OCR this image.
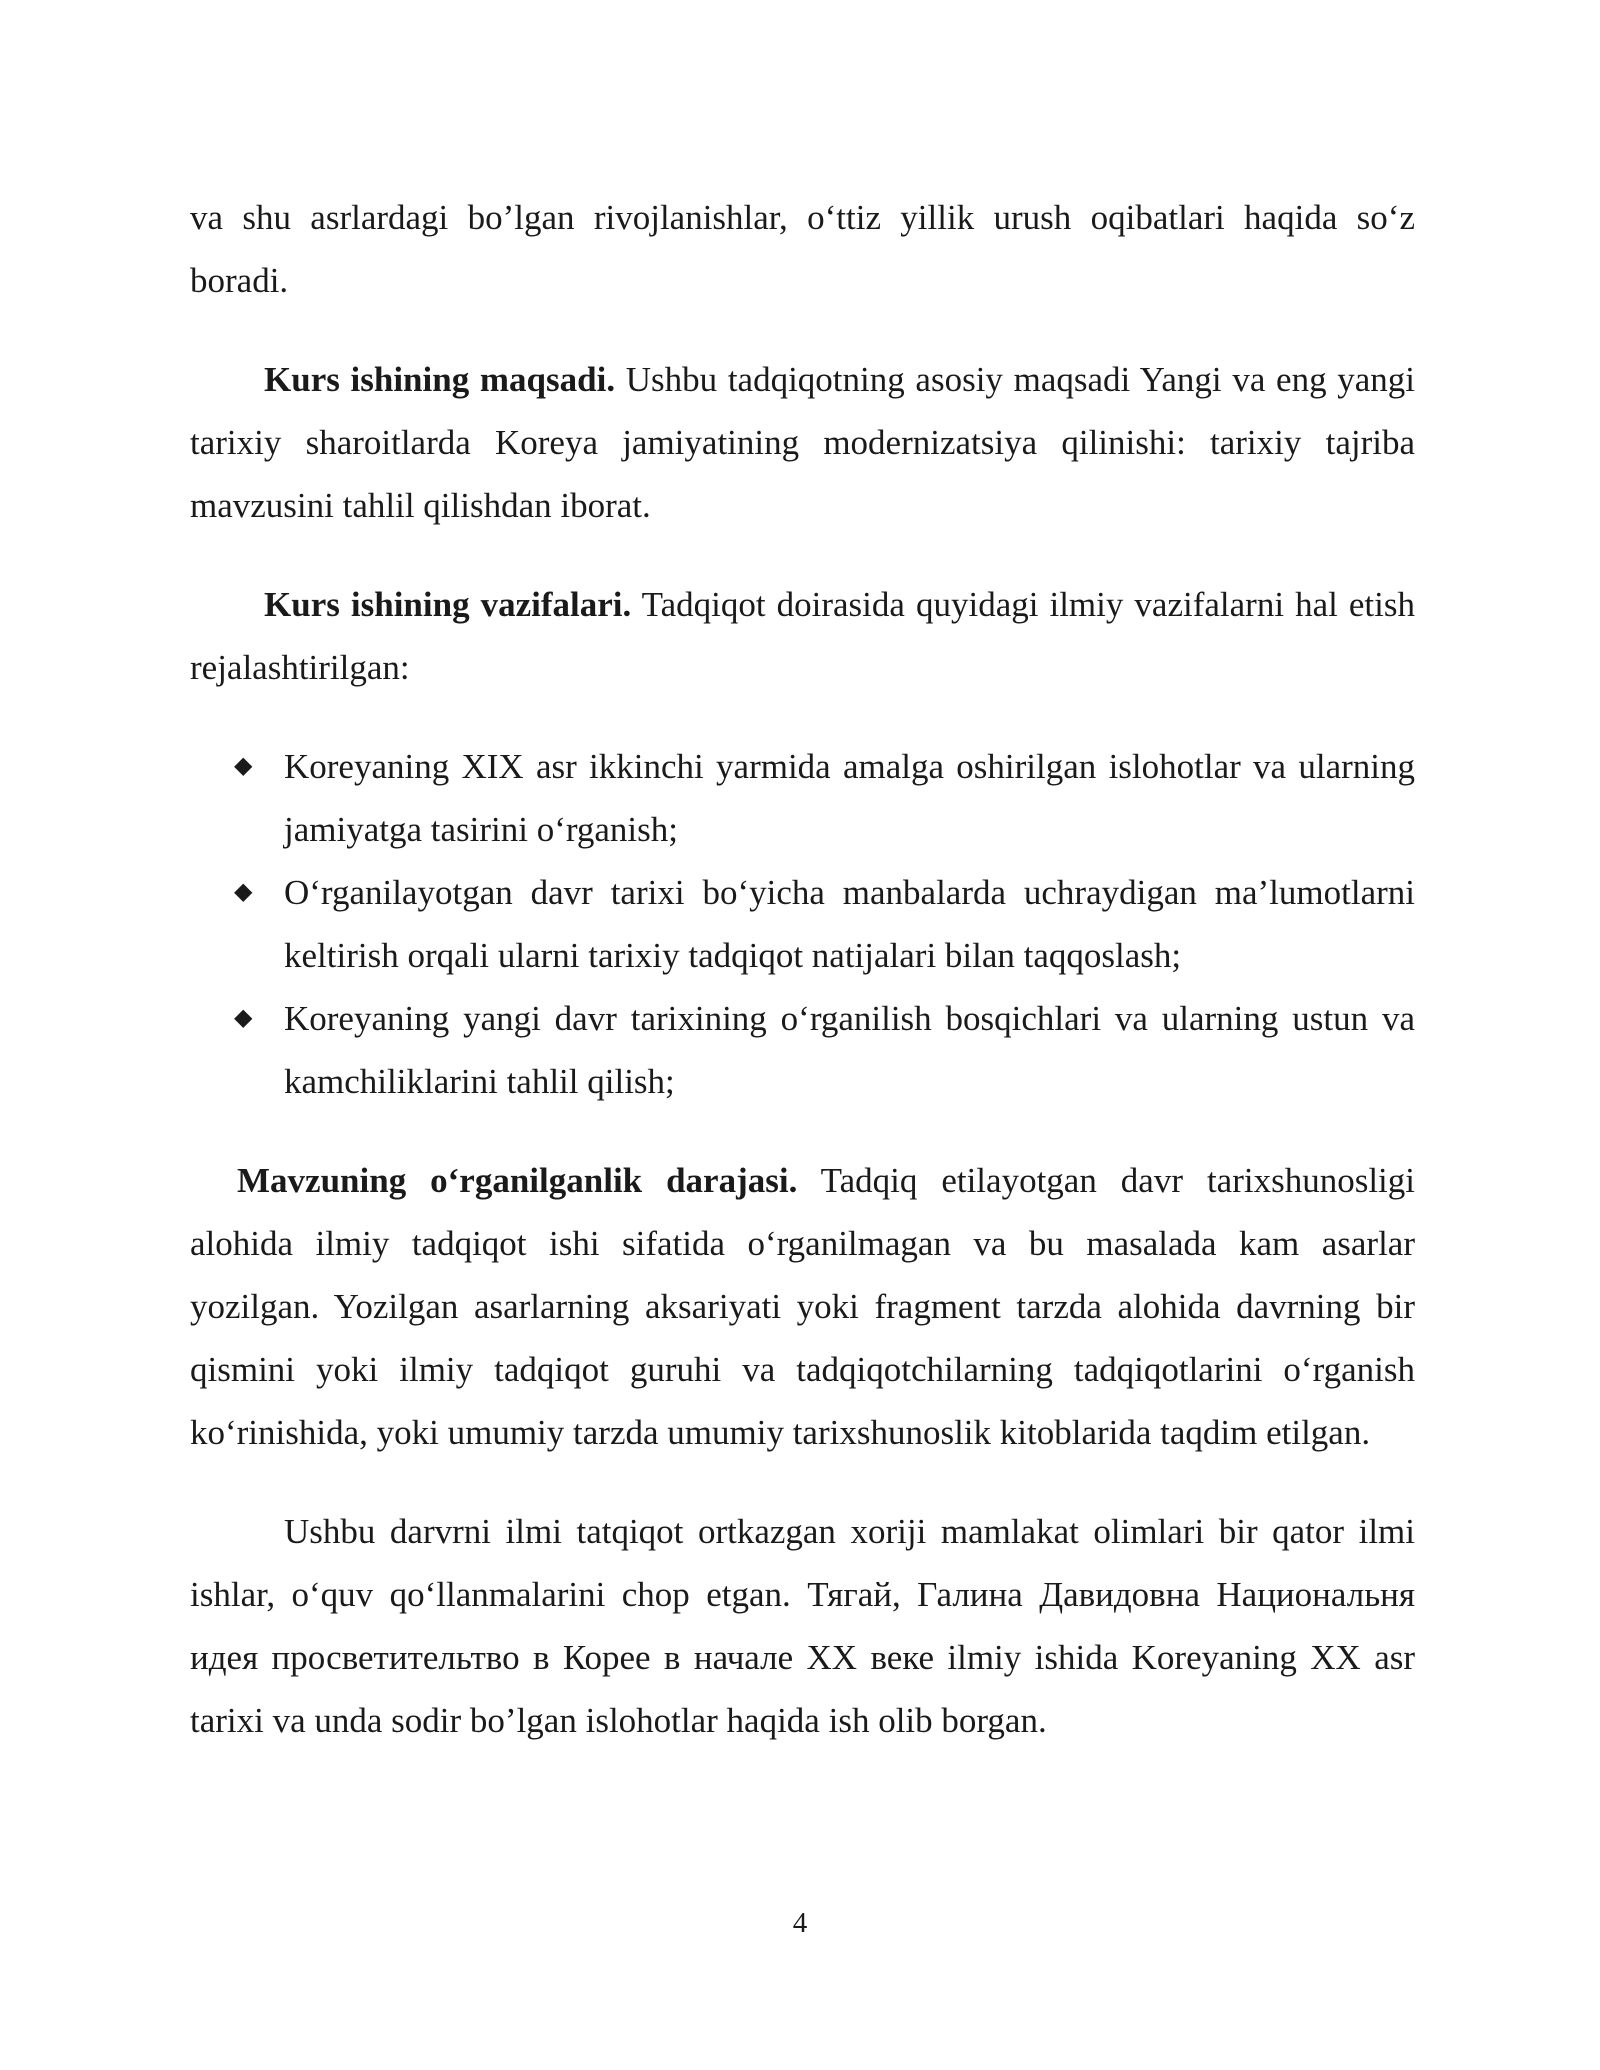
va shu asrlardagi bo’lgan rivojlanishlar, o‘ttiz yillik urush oqibatlari haqida so‘z boradi.

Kurs ishining maqsadi. Ushbu tadqiqotning asosiy maqsadi Yangi va eng yangi tarixiy sharoitlarda Koreya jamiyatining modernizatsiya qilinishi: tarixiy tajriba mavzusini tahlil qilishdan iborat.

Kurs ishining vazifalari. Tadqiqot doirasida quyidagi ilmiy vazifalarni hal etish rejalashtirilgan:

◆ Koreyaning XIX asr ikkinchi yarmida amalga oshirilgan islohotlar va ularning jamiyatga tasirini o‘rganish;
◆ O‘rganilayotgan davr tarixi bo‘yicha manbalarda uchraydigan ma’lumotlarni keltirish orqali ularni tarixiy tadqiqot natijalari bilan taqqoslash;
◆ Koreyaning yangi davr tarixining o‘rganilish bosqichlari va ularning ustun va kamchiliklarini tahlil qilish;

Mavzuning o‘rganilganlik darajasi. Tadqiq etilayotgan davr tarixshunosligi alohida ilmiy tadqiqot ishi sifatida o‘rganilmagan va bu masalada kam asarlar yozilgan. Yozilgan asarlarning aksariyati yoki fragment tarzda alohida davrning bir qismini yoki ilmiy tadqiqot guruhi va tadqiqotchilarning tadqiqotlarini o‘rganish ko‘rinishida, yoki umumiy tarzda umumiy tarixshunoslik kitoblarida taqdim etilgan.

Ushbu darvrni ilmi tatqiqot ortkazgan xoriji mamlakat olimlari bir qator ilmi ishlar, o‘quv qo‘llanmalarini chop etgan. Тягай, Галина Давидовна Национальня идея просветительтво в Корее в начале XX веке ilmiy ishida Koreyaning XX asr tarixi va unda sodir bo’lgan islohotlar haqida ish olib borgan.

4
